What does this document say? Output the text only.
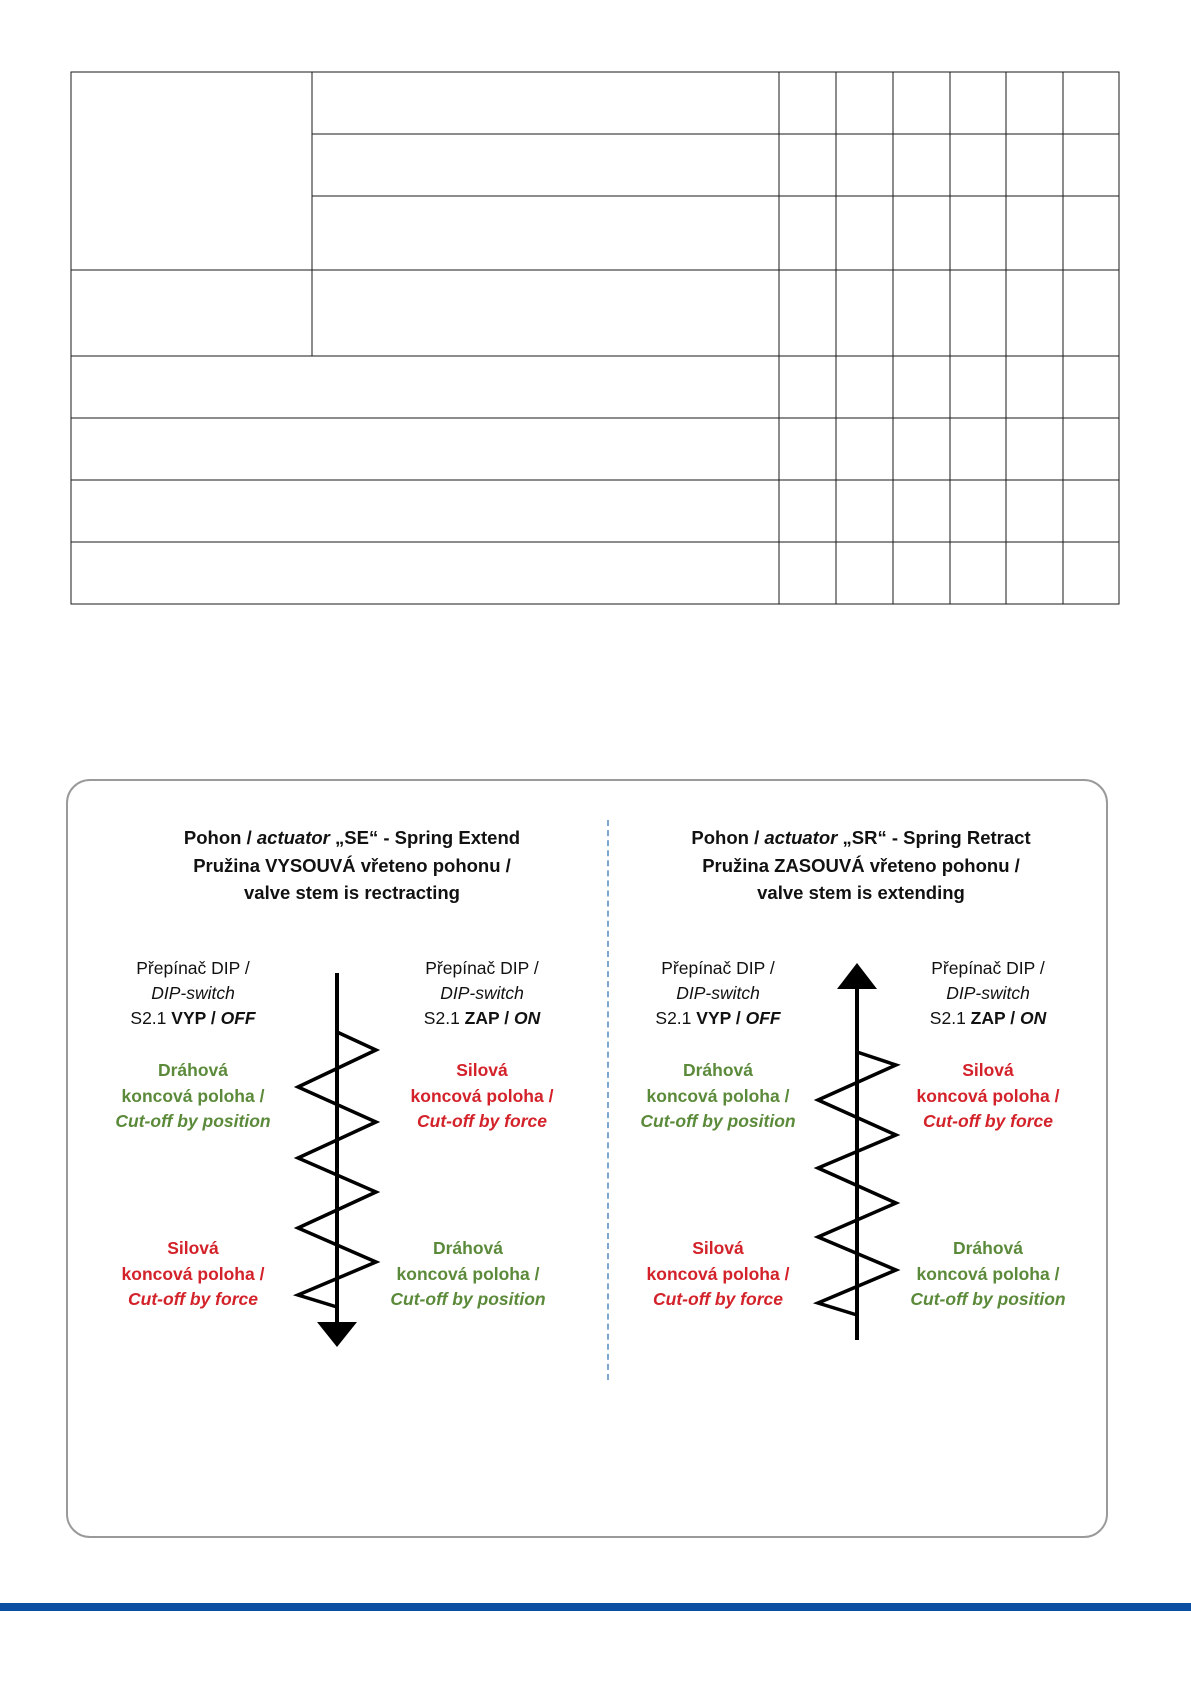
Pohon / actuator „SE“ - Spring Extend
Pružina VYSOUVÁ vřeteno pohonu /
valve stem is rectracting
Přepínač DIP /
DIP-switch
S2.1 VYP / OFF
Přepínač DIP /
DIP-switch
S2.1 ZAP / ON
Dráhová
koncová poloha /
Cut-off by position
Silová
koncová poloha /
Cut-off by force
Silová
koncová poloha /
Cut-off by force
Dráhová
koncová poloha /
Cut-off by position
Pohon / actuator „SR“ - Spring Retract
Pružina ZASOUVÁ vřeteno pohonu /
valve stem is extending
Přepínač DIP /
DIP-switch
S2.1 VYP / OFF
Přepínač DIP /
DIP-switch
S2.1 ZAP / ON
Dráhová
koncová poloha /
Cut-off by position
Silová
koncová poloha /
Cut-off by force
Silová
koncová poloha /
Cut-off by force
Dráhová
koncová poloha /
Cut-off by position
